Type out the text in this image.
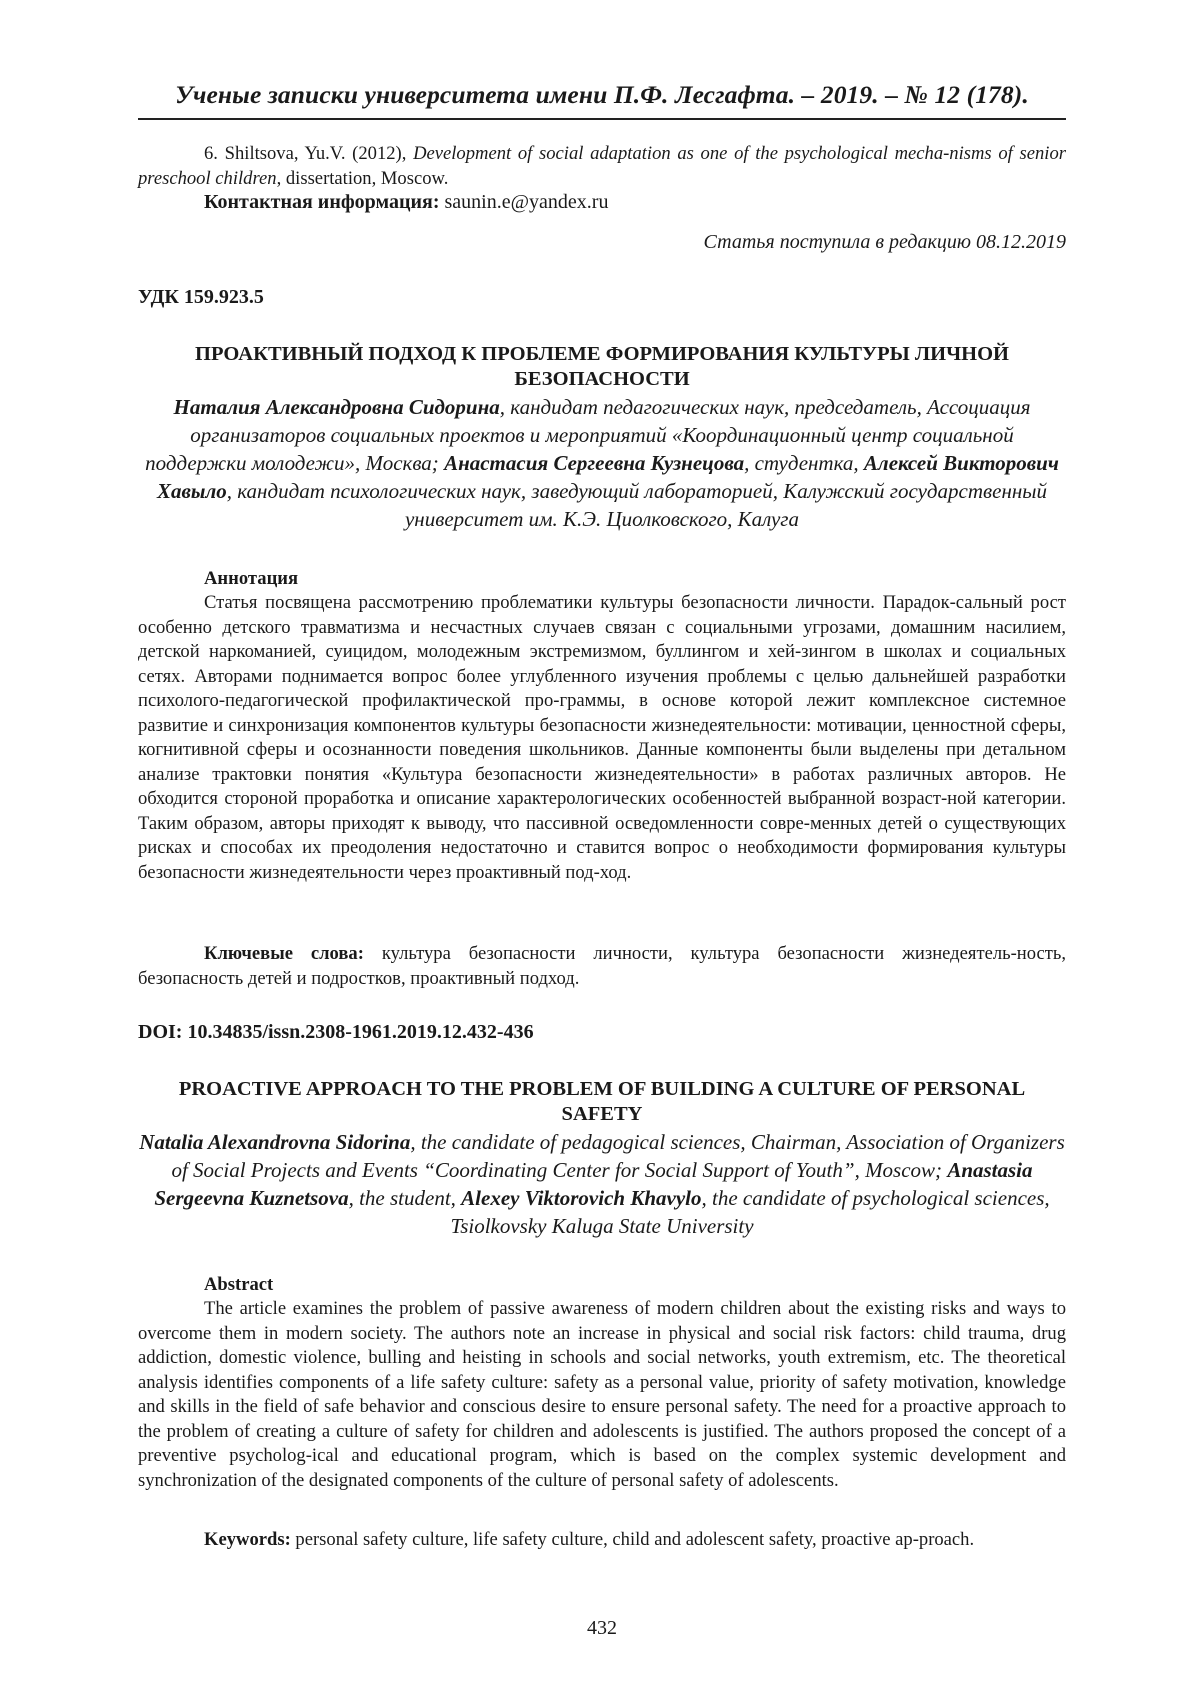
Ученые записки университета имени П.Ф. Лесгафта. – 2019. – № 12 (178).
6. Shiltsova, Yu.V. (2012), Development of social adaptation as one of the psychological mecha-nisms of senior preschool children, dissertation, Moscow.
Контактная информация: saunin.e@yandex.ru
Статья поступила в редакцию 08.12.2019
УДК 159.923.5
ПРОАКТИВНЫЙ ПОДХОД К ПРОБЛЕМЕ ФОРМИРОВАНИЯ КУЛЬТУРЫ ЛИЧНОЙ БЕЗОПАСНОСТИ
Наталия Александровна Сидорина, кандидат педагогических наук, председатель, Ассоциация организаторов социальных проектов и мероприятий «Координационный центр социальной поддержки молодежи», Москва; Анастасия Сергеевна Кузнецова, студентка, Алексей Викторович Хавыло, кандидат психологических наук, заведующий лабораторией, Калужский государственный университет им. К.Э. Циолковского, Калуга
Аннотация
Статья посвящена рассмотрению проблематики культуры безопасности личности. Парадок-сальный рост особенно детского травматизма и несчастных случаев связан с социальными угрозами, домашним насилием, детской наркоманией, суицидом, молодежным экстремизмом, буллингом и хей-зингом в школах и социальных сетях. Авторами поднимается вопрос более углубленного изучения проблемы с целью дальнейшей разработки психолого-педагогической профилактической про-граммы, в основе которой лежит комплексное системное развитие и синхронизация компонентов культуры безопасности жизнедеятельности: мотивации, ценностной сферы, когнитивной сферы и осознанности поведения школьников. Данные компоненты были выделены при детальном анализе трактовки понятия «Культура безопасности жизнедеятельности» в работах различных авторов. Не обходится стороной проработка и описание характерологических особенностей выбранной возраст-ной категории. Таким образом, авторы приходят к выводу, что пассивной осведомленности совре-менных детей о существующих рисках и способах их преодоления недостаточно и ставится вопрос о необходимости формирования культуры безопасности жизнедеятельности через проактивный под-ход.
Ключевые слова: культура безопасности личности, культура безопасности жизнедеятель-ность, безопасность детей и подростков, проактивный подход.
DOI: 10.34835/issn.2308-1961.2019.12.432-436
PROACTIVE APPROACH TO THE PROBLEM OF BUILDING A CULTURE OF PERSONAL SAFETY
Natalia Alexandrovna Sidorina, the candidate of pedagogical sciences, Chairman, Association of Organizers of Social Projects and Events “Coordinating Center for Social Support of Youth”, Moscow; Anastasia Sergeevna Kuznetsova, the student, Alexey Viktorovich Khavylo, the candidate of psychological sciences, Tsiolkovsky Kaluga State University
Abstract
The article examines the problem of passive awareness of modern children about the existing risks and ways to overcome them in modern society. The authors note an increase in physical and social risk factors: child trauma, drug addiction, domestic violence, bulling and heisting in schools and social networks, youth extremism, etc. The theoretical analysis identifies components of a life safety culture: safety as a personal value, priority of safety motivation, knowledge and skills in the field of safe behavior and conscious desire to ensure personal safety. The need for a proactive approach to the problem of creating a culture of safety for children and adolescents is justified. The authors proposed the concept of a preventive psycholog-ical and educational program, which is based on the complex systemic development and synchronization of the designated components of the culture of personal safety of adolescents.
Keywords: personal safety culture, life safety culture, child and adolescent safety, proactive ap-proach.
432
